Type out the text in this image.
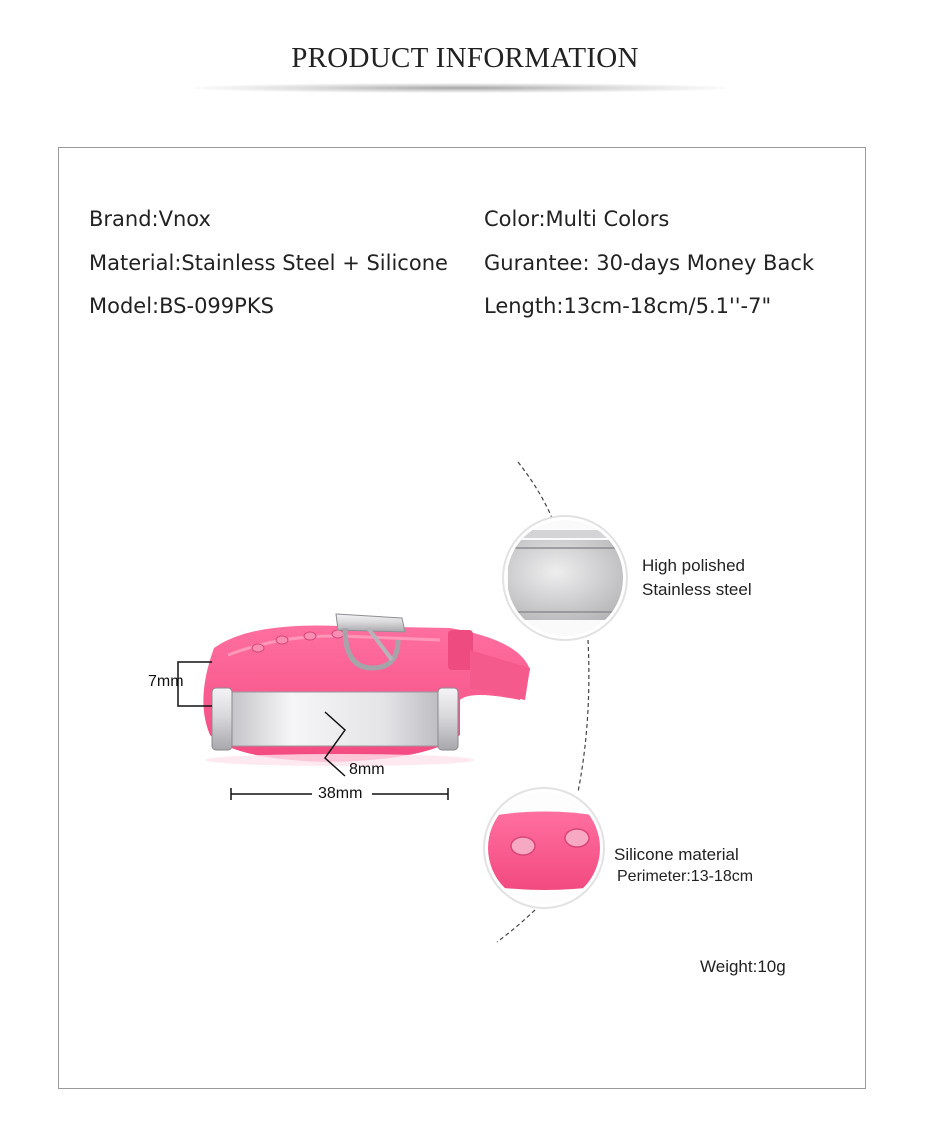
PRODUCT INFORMATION
Brand:Vnox
Material:Stainless Steel + Silicone
Model:BS-099PKS
Color:Multi Colors
Gurantee: 30-days Money Back
Length:13cm-18cm/5.1''-7"
7mm
8mm
38mm
High polished
Stainless steel
Silicone material
Perimeter:13-18cm
Weight:10g
